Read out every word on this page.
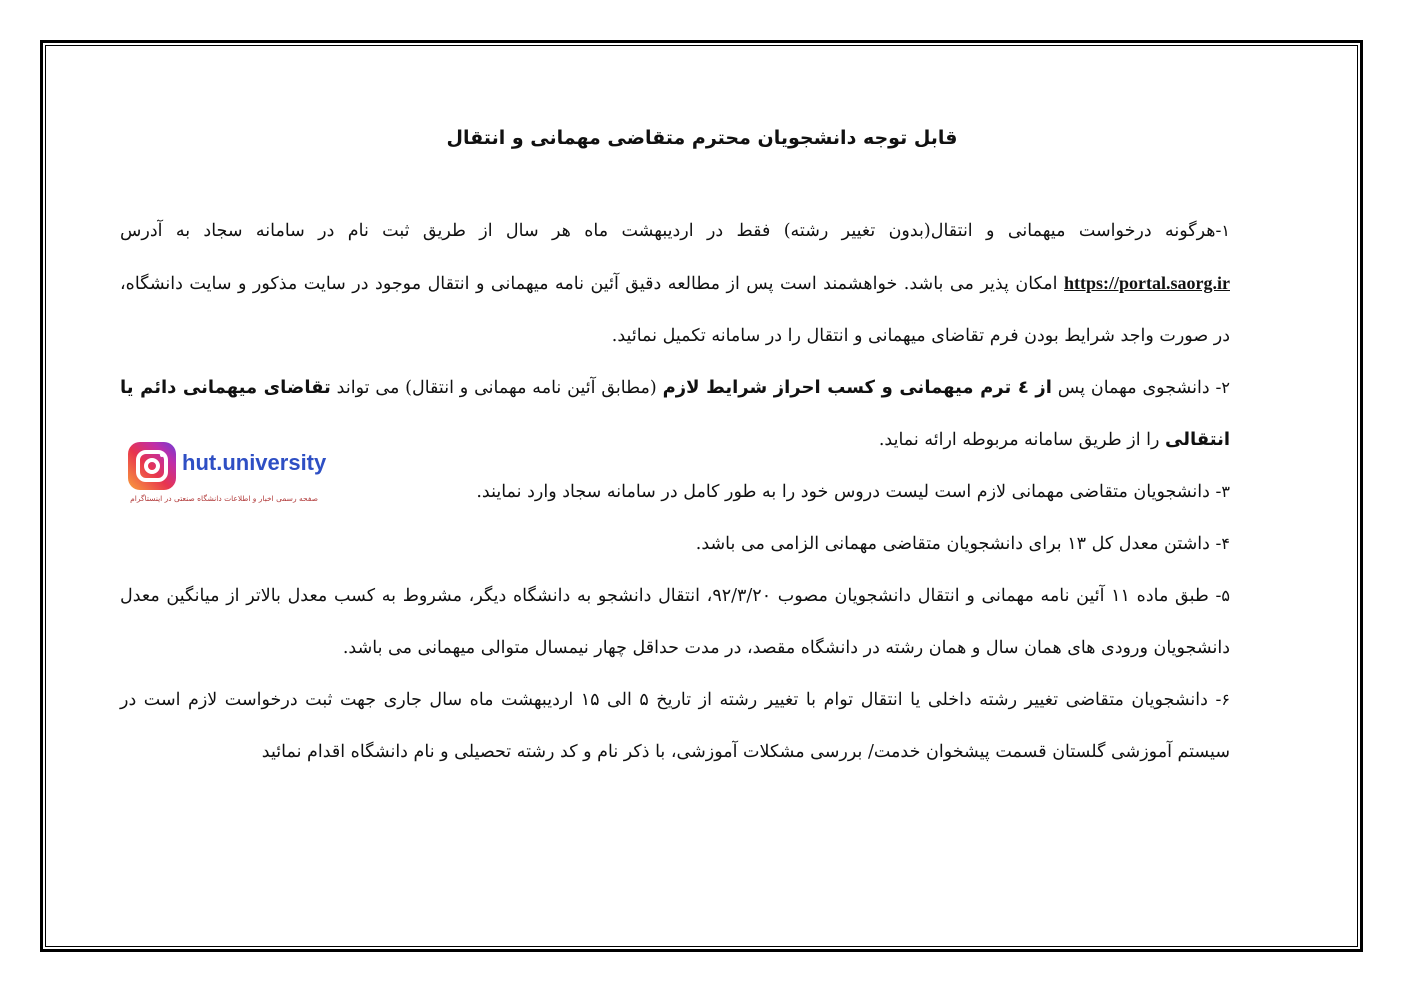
قابل توجه دانشجویان محترم متقاضی مهمانی و انتقال

۱-هرگونه درخواست میهمانی و انتقال(بدون تغییر رشته) فقط در اردیبهشت ماه هر سال از طریق ثبت نام در سامانه سجاد به آدرس https://portal.saorg.ir امکان پذیر می باشد. خواهشمند است پس از مطالعه دقیق آئین نامه میهمانی و انتقال موجود در سایت مذکور و سایت دانشگاه، در صورت واجد شرایط بودن فرم تقاضای میهمانی و انتقال را در سامانه تکمیل نمائید.

۲- دانشجوی مهمان پس از ٤ ترم میهمانی و کسب احراز شرایط لازم (مطابق آئین نامه مهمانی و انتقال) می تواند تقاضای میهمانی دائم یا انتقالی را از طریق سامانه مربوطه ارائه نماید.

۳- دانشجویان متقاضی مهمانی لازم است لیست دروس خود را به طور کامل در سامانه سجاد وارد نمایند.

۴- داشتن معدل کل ۱۳ برای دانشجویان متقاضی مهمانی الزامی می باشد.

۵- طبق ماده ۱۱ آئین نامه مهمانی و انتقال دانشجویان مصوب ۹۲/۳/۲۰، انتقال دانشجو به دانشگاه دیگر، مشروط به کسب معدل بالاتر از میانگین معدل دانشجویان ورودی های همان سال و همان رشته در دانشگاه مقصد، در مدت حداقل چهار نیمسال متوالی میهمانی می باشد.

۶- دانشجویان متقاضی تغییر رشته داخلی یا انتقال توام با تغییر رشته از تاریخ ۵ الی ۱۵ اردیبهشت ماه سال جاری جهت ثبت درخواست لازم است در سیستم آموزشی گلستان قسمت پیشخوان خدمت/ بررسی مشکلات آموزشی، با ذکر نام و کد رشته تحصیلی و نام دانشگاه اقدام نمائید

hut.university
صفحه رسمی اخبار و اطلاعات دانشگاه صنعتی در اینستاگرام
